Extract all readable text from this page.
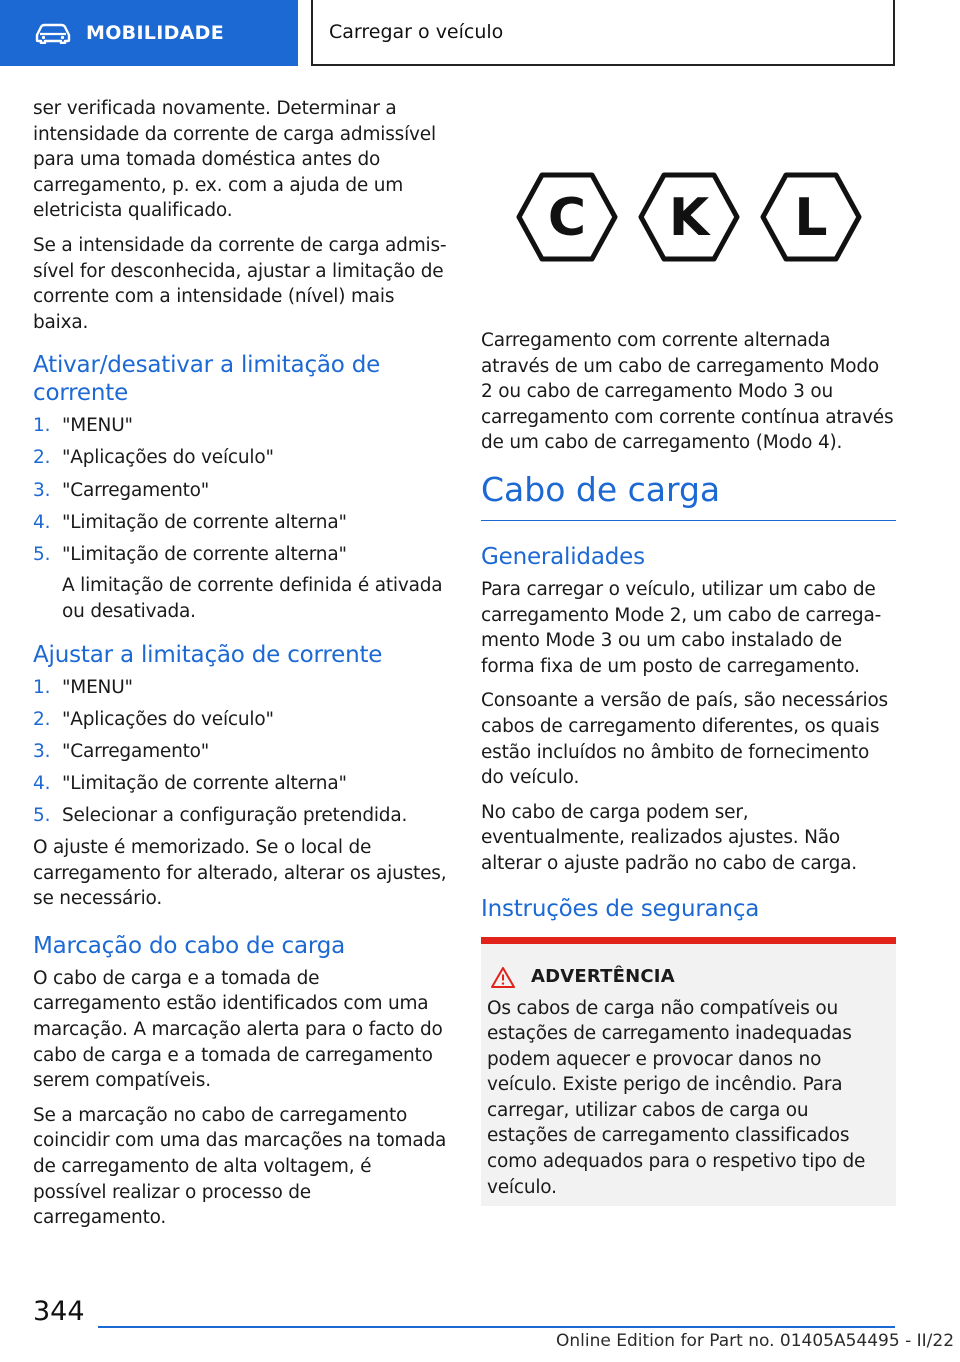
MOBILIDADE	Carregar o veículo

ser verificada novamente. Determinar a intensidade da corrente de carga admissível para uma tomada doméstica antes do carregamento, p. ex. com a ajuda de um eletricista qualificado.

Se a intensidade da corrente de carga admissível for desconhecida, ajustar a limitação de corrente com a intensidade (nível) mais baixa.

Ativar/desativar a limitação de corrente
1. "MENU"
2. "Aplicações do veículo"
3. "Carregamento"
4. "Limitação de corrente alterna"
5. "Limitação de corrente alterna"
A limitação de corrente definida é ativada ou desativada.
Ajustar a limitação de corrente
1. "MENU"
2. "Aplicações do veículo"
3. "Carregamento"
4. "Limitação de corrente alterna"
5. Selecionar a configuração pretendida.

O ajuste é memorizado. Se o local de carregamento for alterado, alterar os ajustes, se necessário.

Marcação do cabo de carga

O cabo de carga e a tomada de carregamento estão identificados com uma marcação. A marcação alerta para o facto do cabo de carga e a tomada de carregamento serem compatíveis.

Se a marcação no cabo de carregamento coincidir com uma das marcações na tomada de carregamento de alta voltagem, é possível realizar o processo de carregamento.

C K L

Carregamento com corrente alternada através de um cabo de carregamento Modo 2 ou cabo de carregamento Modo 3 ou carregamento com corrente contínua através de um cabo de carregamento (Modo 4).

Cabo de carga
Generalidades

Para carregar o veículo, utilizar um cabo de carregamento Mode 2, um cabo de carregamento Mode 3 ou um cabo instalado de forma fixa de um posto de carregamento.

Consoante a versão de país, são necessários cabos de carregamento diferentes, os quais estão incluídos no âmbito de fornecimento do veículo.

No cabo de carga podem ser, eventualmente, realizados ajustes. Não alterar o ajuste padrão no cabo de carga.

Instruções de segurança
ADVERTÊNCIA

Os cabos de carga não compatíveis ou estações de carregamento inadequadas podem aquecer e provocar danos no veículo. Existe perigo de incêndio. Para carregar, utilizar cabos de carga ou estações de carregamento classificados como adequados para o respetivo tipo de veículo.

344
Online Edition for Part no. 01405A54495 - II/22
